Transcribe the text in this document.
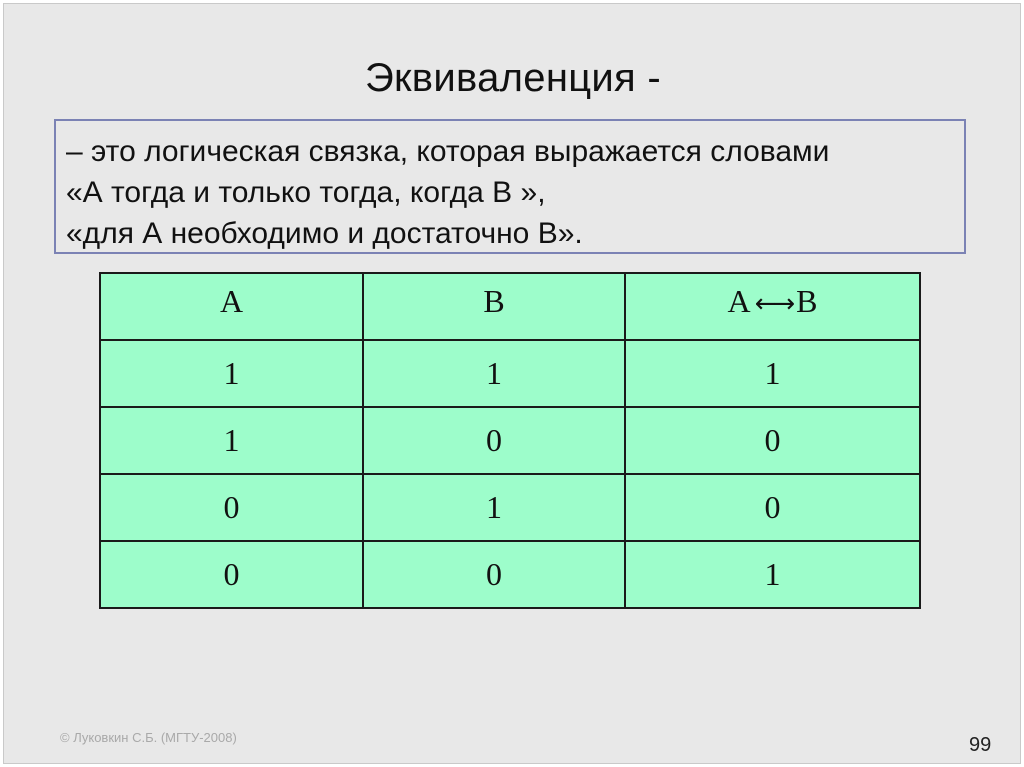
Эквиваленция -
– это логическая связка, которая выражается словами
«А тогда и только тогда, когда В »,
«для А необходимо и достаточно В».
А	В	А ←→ В
1	1	1
1	0	0
0	1	0
0	0	1
© Луковкин С.Б. (МГТУ-2008)	99
